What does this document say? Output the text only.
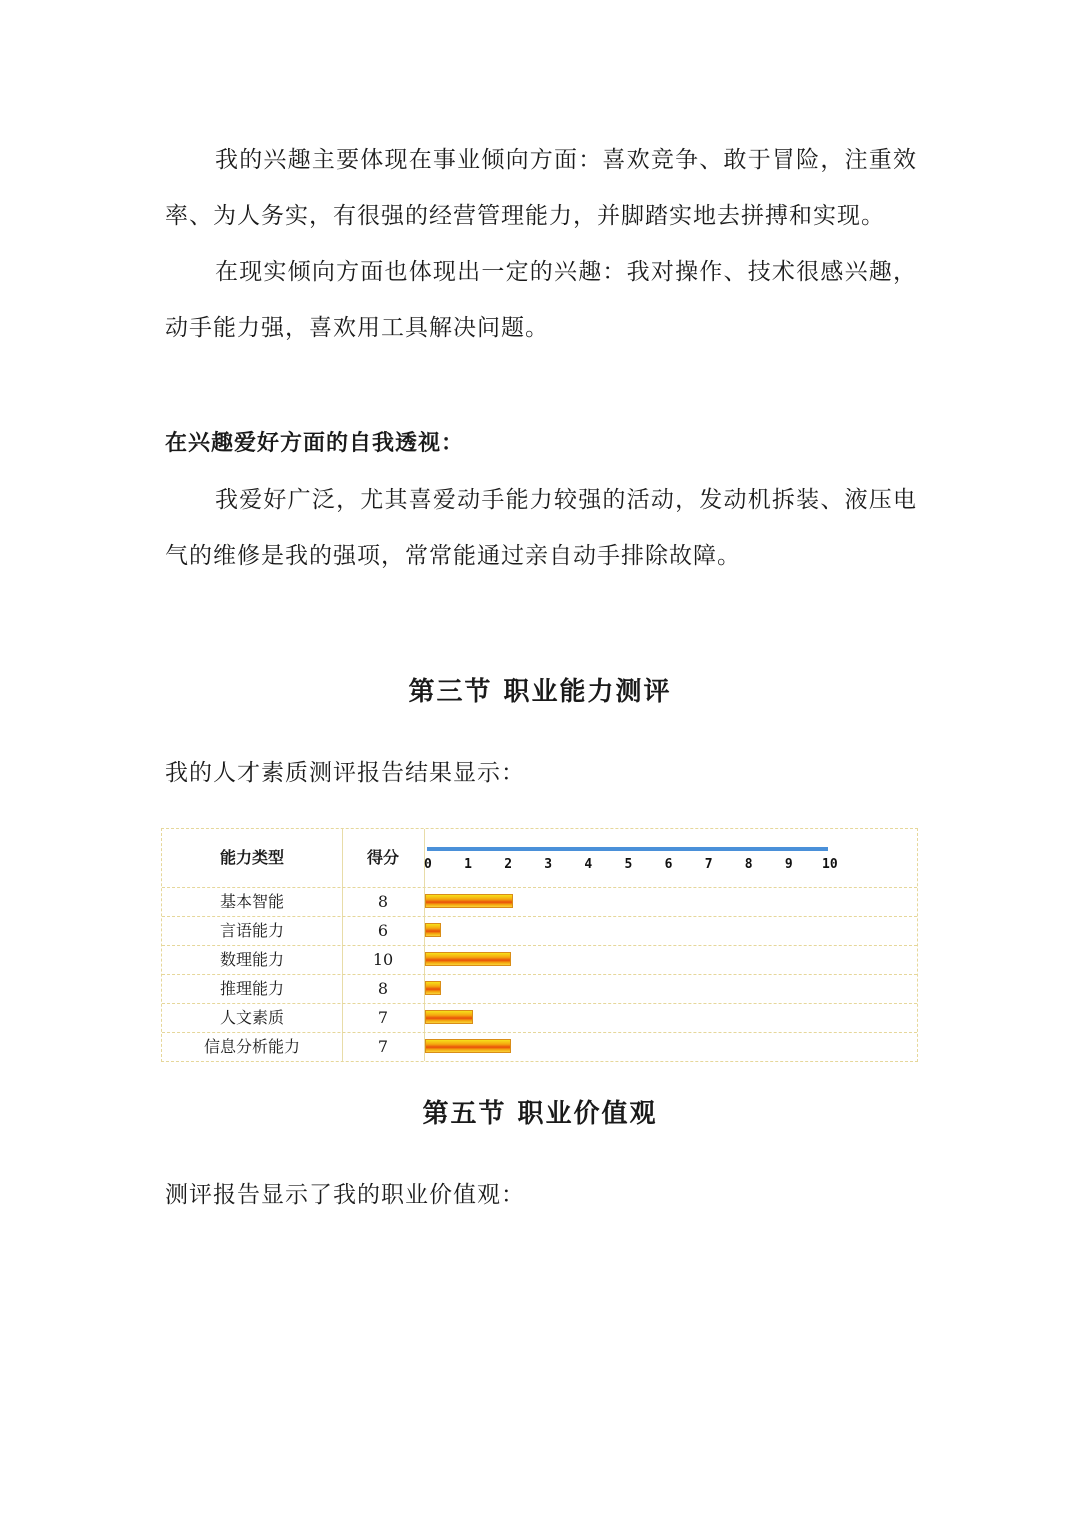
我的兴趣主要体现在事业倾向方面：喜欢竞争、敢于冒险，注重效率、为人务实，有很强的经营管理能力，并脚踏实地去拼搏和实现。

在现实倾向方面也体现出一定的兴趣：我对操作、技术很感兴趣，动手能力强，喜欢用工具解决问题。

在兴趣爱好方面的自我透视：

我爱好广泛，尤其喜爱动手能力较强的活动，发动机拆装、液压电气的维修是我的强项，常常能通过亲自动手排除故障。

第三节 职业能力测评

我的人才素质测评报告结果显示：

能力类型	得分	0 1 2 3 4 5 6 7 8 9 10
基本智能	8
言语能力	6
数理能力	10
推理能力	8
人文素质	7
信息分析能力	7
第五节 职业价值观

测评报告显示了我的职业价值观：
